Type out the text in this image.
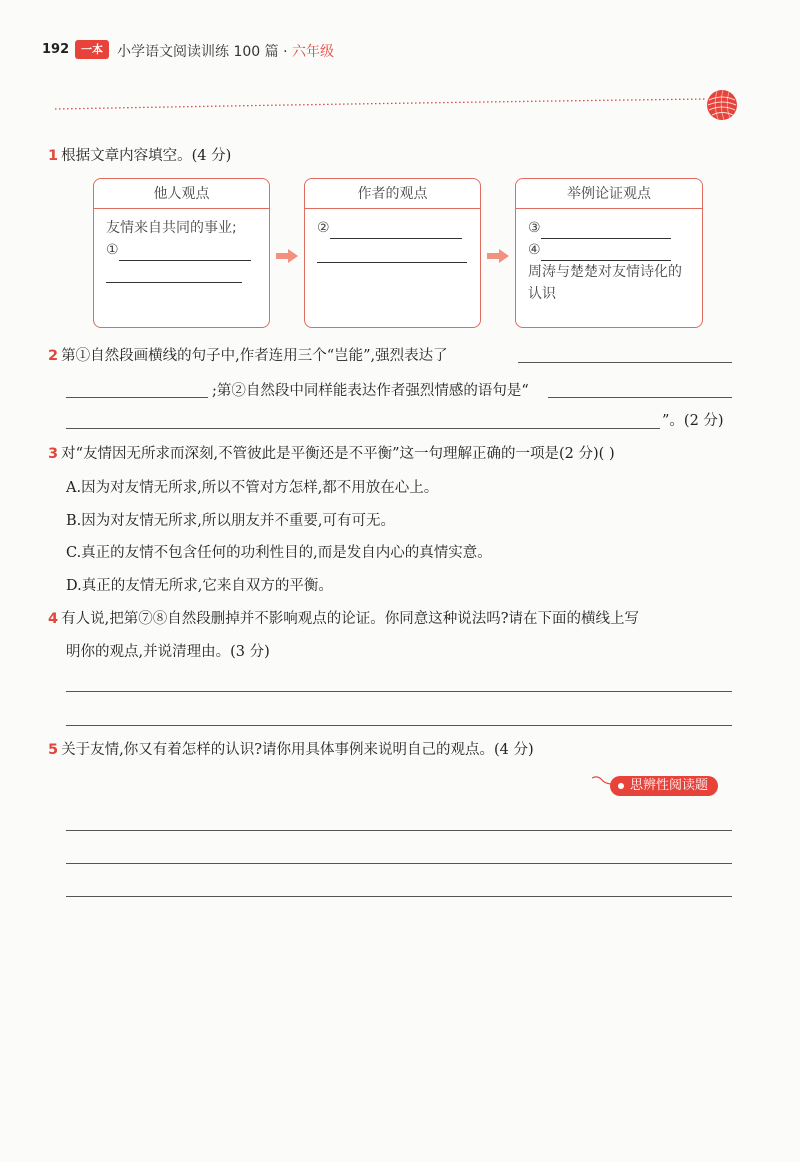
192	一本	小学语文阅读训练 100 篇 · 六年级
1 根据文章内容填空。(4 分)
他人观点
友情来自共同的事业;
①
作者的观点
②
举例论证观点
③
④
周涛与楚楚对友情诗化的认识
2 第①自然段画横线的句子中,作者连用三个“岂能”,强烈表达了
;第②自然段中同样能表达作者强烈情感的语句是“
”。(2 分)
3 对“友情因无所求而深刻,不管彼此是平衡还是不平衡”这一句理解正确的一项是(2 分)( )
A.因为对友情无所求,所以不管对方怎样,都不用放在心上。
B.因为对友情无所求,所以朋友并不重要,可有可无。
C.真正的友情不包含任何的功利性目的,而是发自内心的真情实意。
D.真正的友情无所求,它来自双方的平衡。
4 有人说,把第⑦⑧自然段删掉并不影响观点的论证。你同意这种说法吗?请在下面的横线上写
明你的观点,并说清理由。(3 分)
5 关于友情,你又有着怎样的认识?请你用具体事例来说明自己的观点。(4 分)
思辨性阅读题
